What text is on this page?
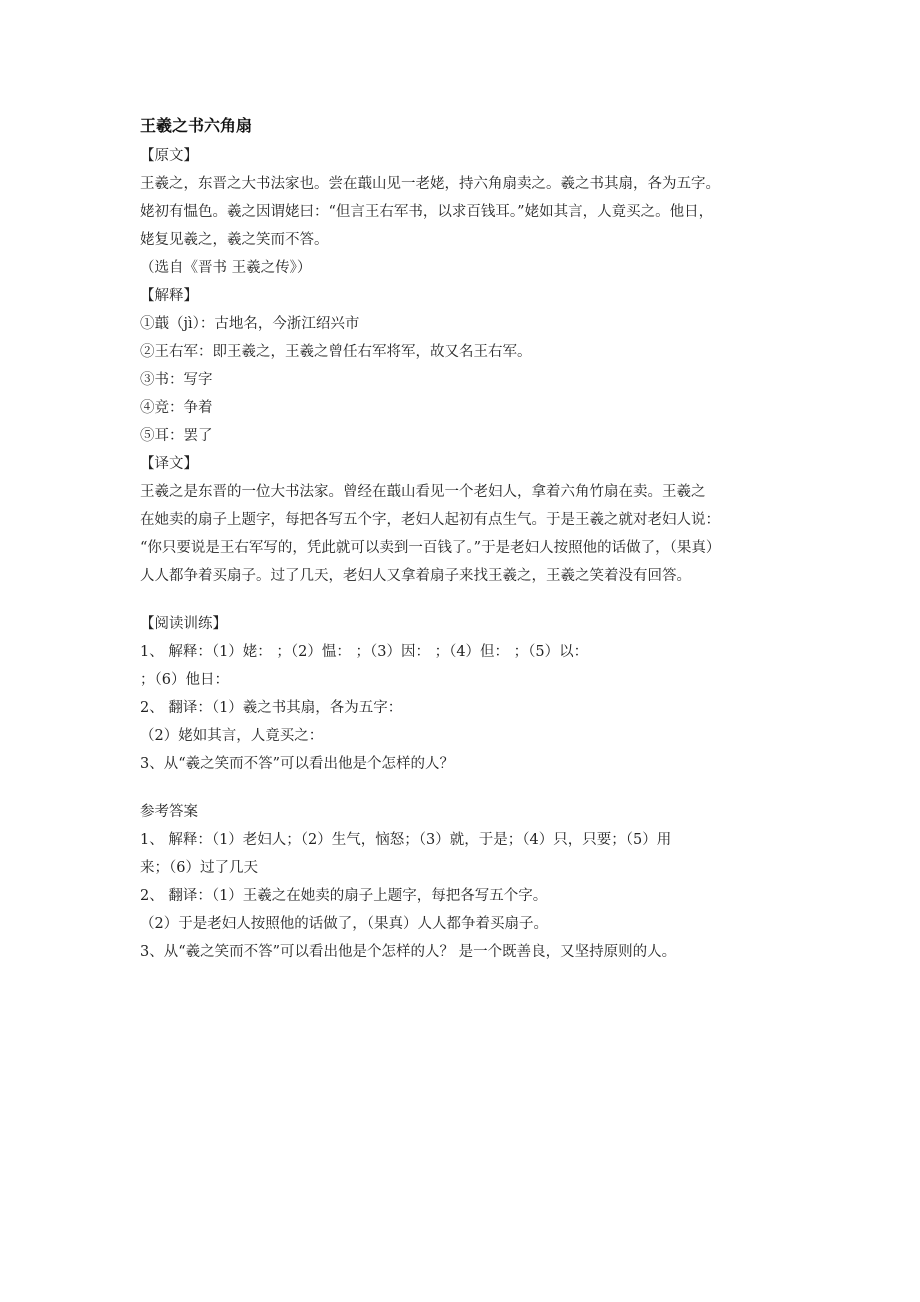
王羲之书六角扇
【原文】
王羲之，东晋之大书法家也。尝在蕺山见一老姥，持六角扇卖之。羲之书其扇，各为五字。
姥初有愠色。羲之因谓姥曰：“但言王右军书，以求百钱耳。”姥如其言，人竟买之。他日，
姥复见羲之，羲之笑而不答。
（选自《晋书 王羲之传》）
【解释】
①蕺（jì）：古地名，今浙江绍兴市
②王右军：即王羲之，王羲之曾任右军将军，故又名王右军。
③书：写字
④竞：争着
⑤耳：罢了
【译文】
王羲之是东晋的一位大书法家。曾经在蕺山看见一个老妇人，拿着六角竹扇在卖。王羲之
在她卖的扇子上题字，每把各写五个字，老妇人起初有点生气。于是王羲之就对老妇人说：
“你只要说是王右军写的，凭此就可以卖到一百钱了。”于是老妇人按照他的话做了，（果真）
人人都争着买扇子。过了几天，老妇人又拿着扇子来找王羲之，王羲之笑着没有回答。
【阅读训练】
1、 解释：（1）姥： ；（2）愠： ；（3）因： ；（4）但： ；（5）以：
；（6）他日：
2、 翻译：（1）羲之书其扇，各为五字：
（2）姥如其言，人竟买之：
3、从“羲之笑而不答”可以看出他是个怎样的人？
参考答案
1、 解释：（1）老妇人；（2）生气，恼怒；（3）就，于是；（4）只，只要；（5）用
来；（6）过了几天
2、 翻译：（1）王羲之在她卖的扇子上题字，每把各写五个字。
（2）于是老妇人按照他的话做了，（果真）人人都争着买扇子。
3、从“羲之笑而不答”可以看出他是个怎样的人？ 是一个既善良，又坚持原则的人。
